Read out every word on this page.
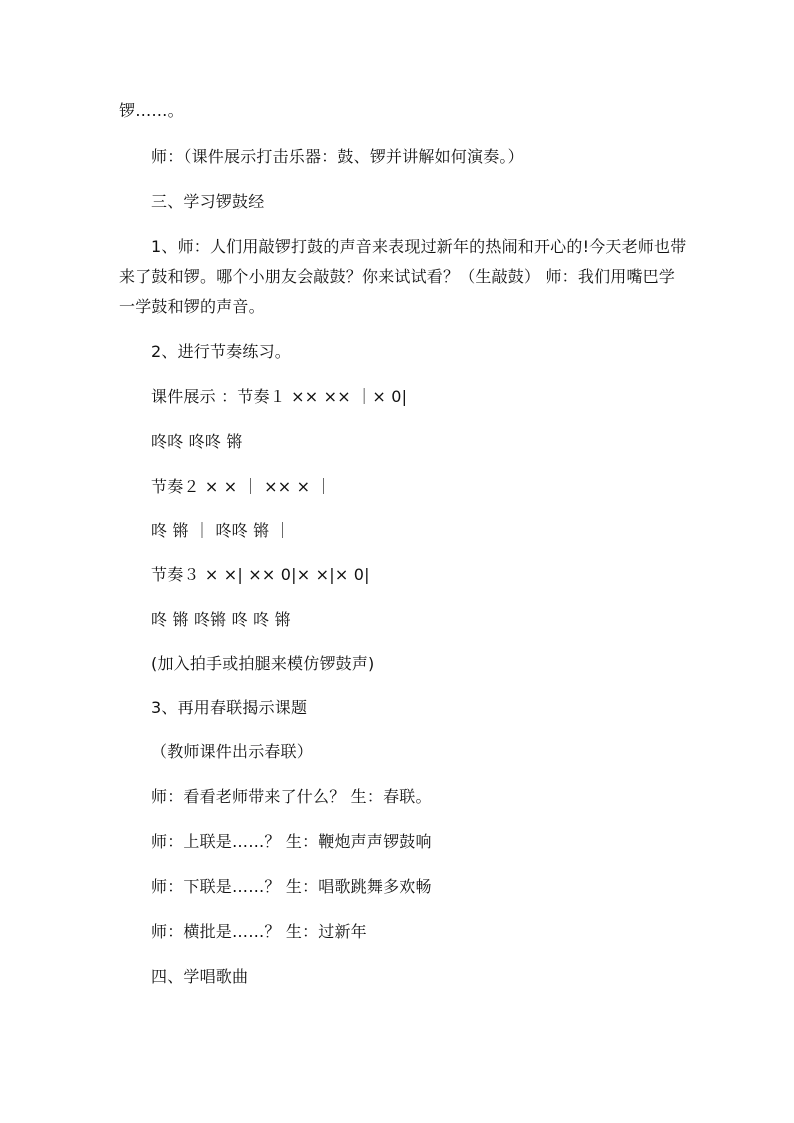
锣……。
师：（课件展示打击乐器：鼓、锣并讲解如何演奏。）
三、学习锣鼓经
1、师：人们用敲锣打鼓的声音来表现过新年的热闹和开心的!今天老师也带
来了鼓和锣。哪个小朋友会敲鼓？你来试试看？（生敲鼓） 师：我们用嘴巴学
一学鼓和锣的声音。
2、进行节奏练习。
课件展示 ：节奏１ ×× ×× ｜× 0|
咚咚 咚咚 锵
节奏２ × × ｜ ×× × ｜
咚 锵 ｜ 咚咚 锵 ｜
节奏３ × ×| ×× 0|× ×|× 0|
咚 锵 咚锵 咚 咚 锵
(加入拍手或拍腿来模仿锣鼓声)
3、再用春联揭示课题
（教师课件出示春联）
师：看看老师带来了什么？ 生：春联。
师：上联是……？ 生：鞭炮声声锣鼓响
师：下联是……？ 生：唱歌跳舞多欢畅
师：横批是……？ 生：过新年
四、学唱歌曲
